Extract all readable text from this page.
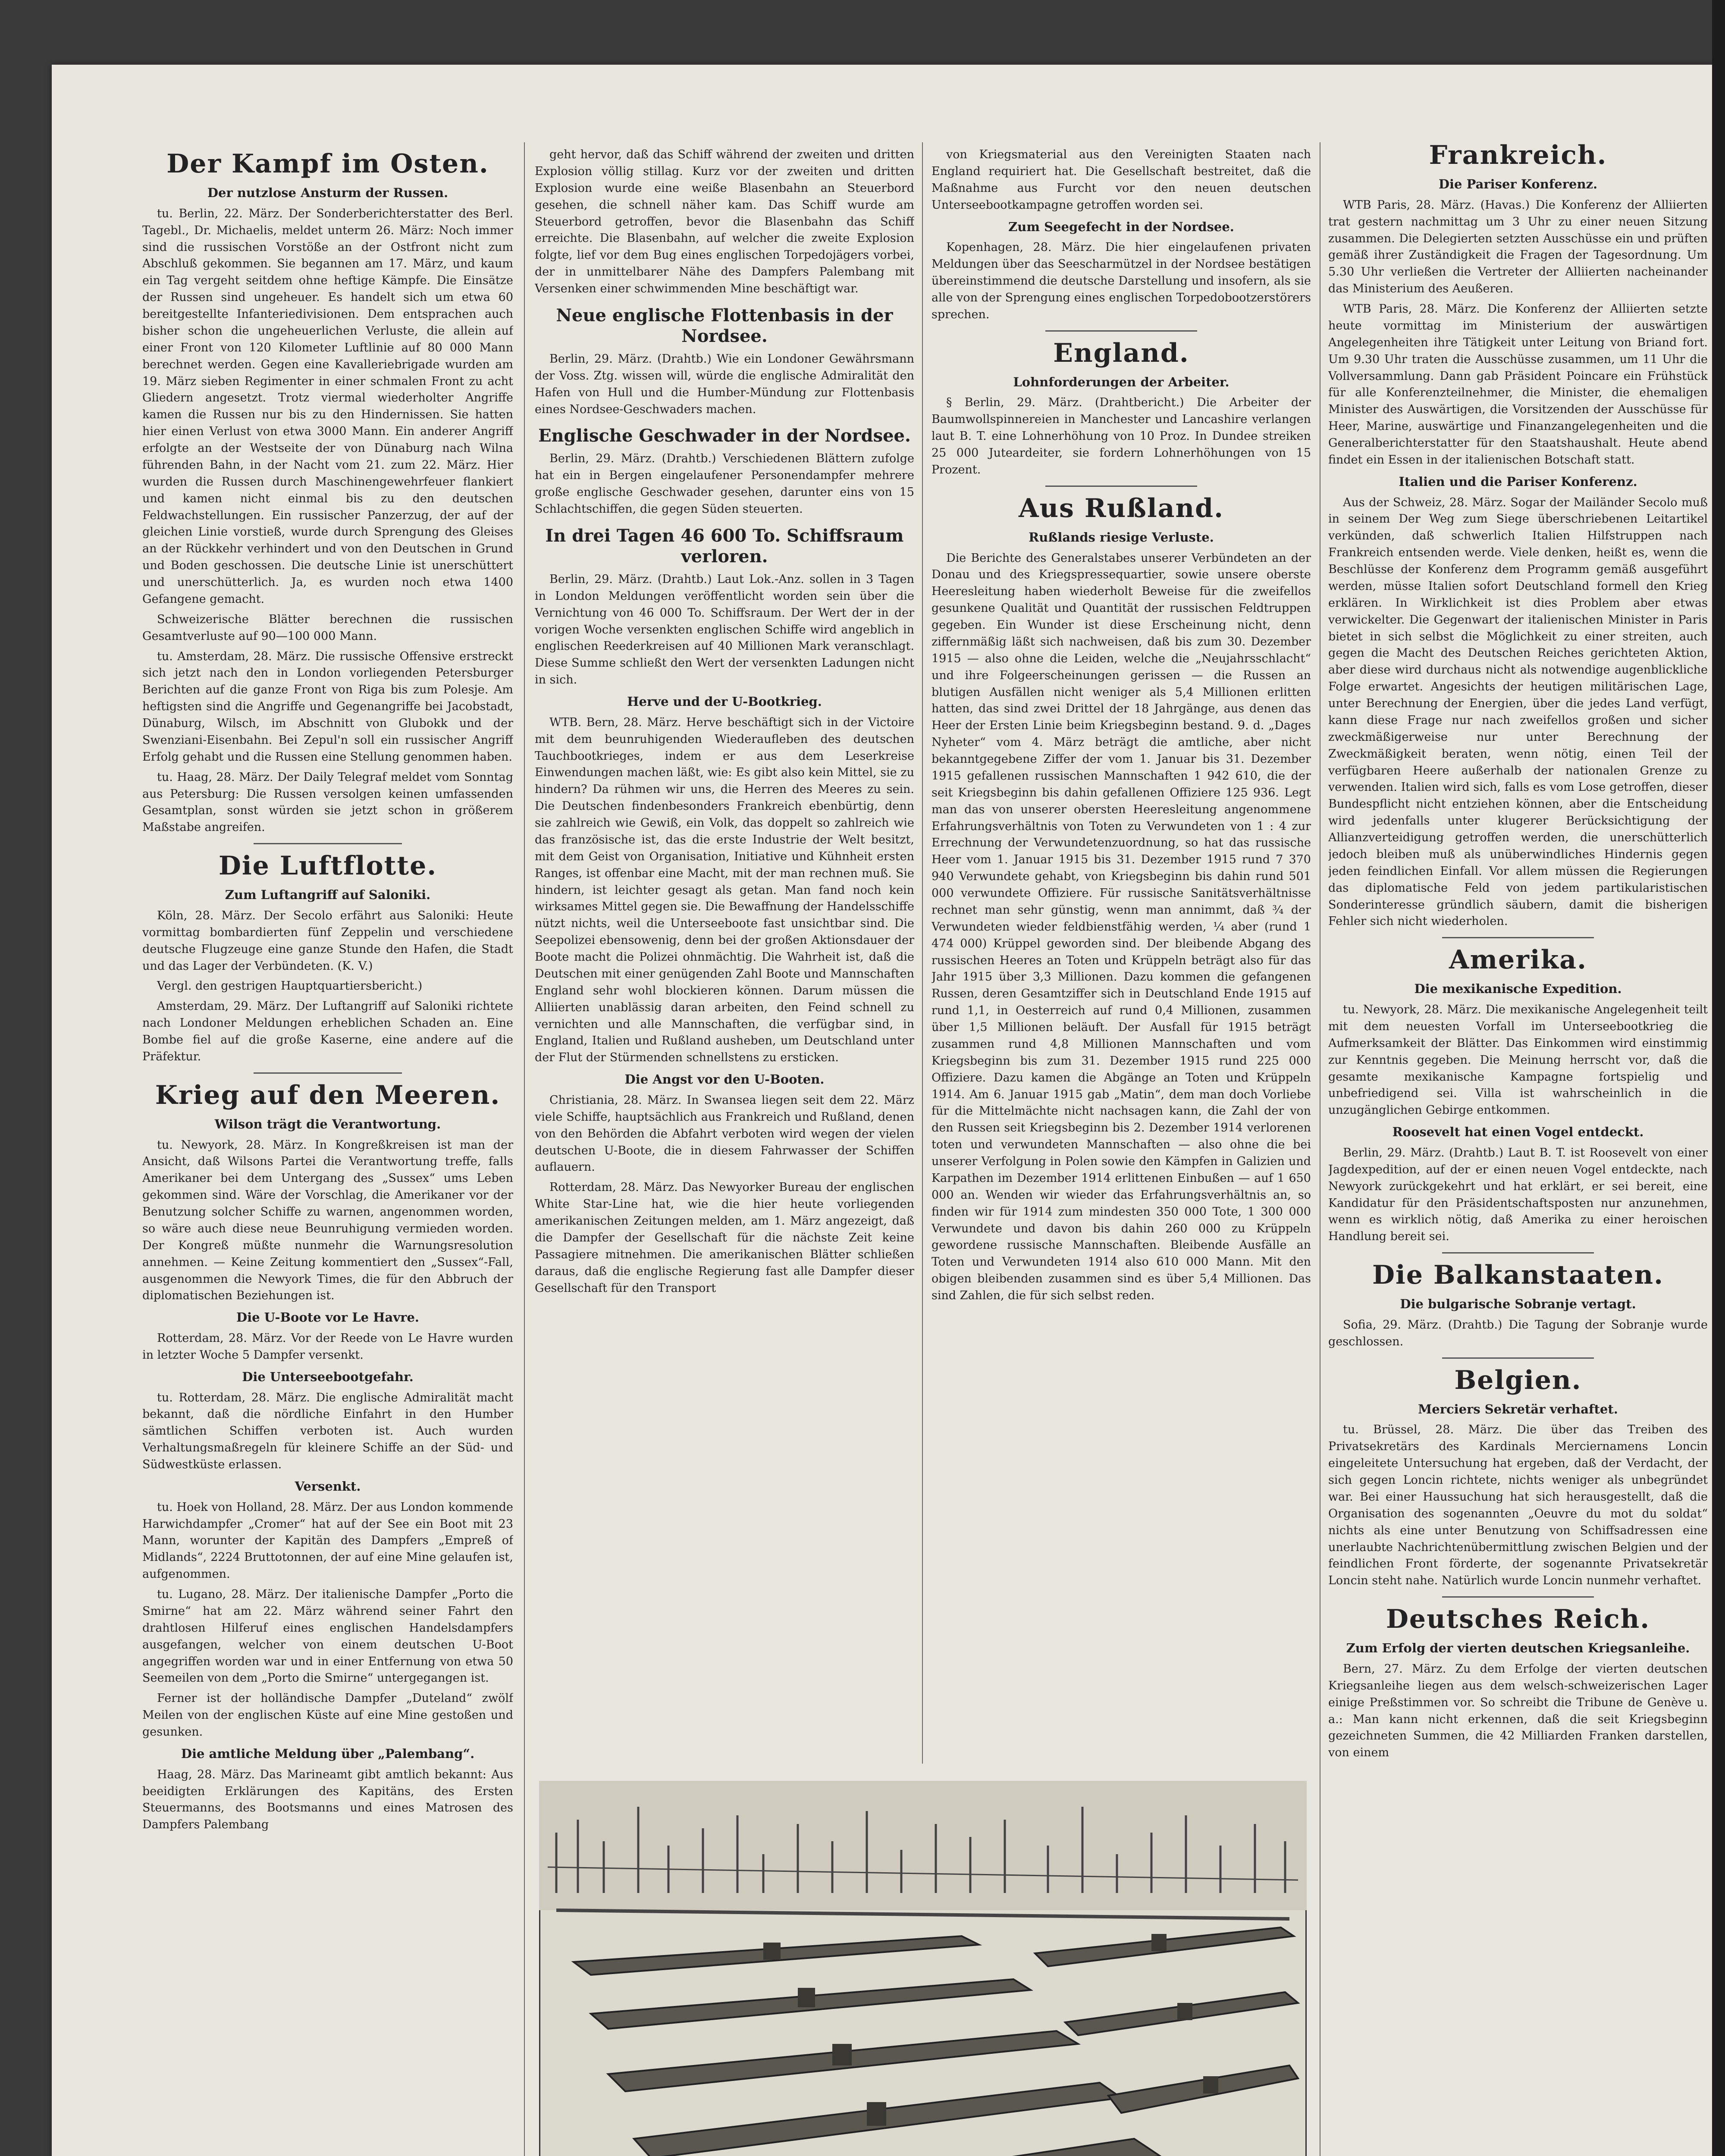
Der Kampf im Osten.
Der nutzlose Ansturm der Russen.

tu. Berlin, 22. März. Der Sonderberichterstatter des Berl. Tagebl., Dr. Michaelis, meldet unterm 26. März: Noch immer sind die russischen Vorstöße an der Ostfront nicht zum Abschluß gekommen. Sie begannen am 17. März, und kaum ein Tag vergeht seitdem ohne heftige Kämpfe. Die Einsätze der Russen sind ungeheuer. Es handelt sich um etwa 60 bereitgestellte Infanteriedivisionen. Dem entsprachen auch bisher schon die ungeheuerlichen Verluste, die allein auf einer Front von 120 Kilometer Luftlinie auf 80 000 Mann berechnet werden. Gegen eine Kavalleriebrigade wurden am 19. März sieben Regimenter in einer schmalen Front zu acht Gliedern angesetzt. Trotz viermal wiederholter Angriffe kamen die Russen nur bis zu den Hindernissen. Sie hatten hier einen Verlust von etwa 3000 Mann. Ein anderer Angriff erfolgte an der Westseite der von Dünaburg nach Wilna führenden Bahn, in der Nacht vom 21. zum 22. März. Hier wurden die Russen durch Maschinengewehrfeuer flankiert und kamen nicht einmal bis zu den deutschen Feldwachstellungen. Ein russischer Panzerzug, der auf der gleichen Linie vorstieß, wurde durch Sprengung des Gleises an der Rückkehr verhindert und von den Deutschen in Grund und Boden geschossen. Die deutsche Linie ist unerschüttert und unerschütterlich. Ja, es wurden noch etwa 1400 Gefangene gemacht.

Schweizerische Blätter berechnen die russischen Gesamtverluste auf 90—100 000 Mann.

tu. Amsterdam, 28. März. Die russische Offensive erstreckt sich jetzt nach den in London vorliegenden Petersburger Berichten auf die ganze Front von Riga bis zum Polesje. Am heftigsten sind die Angriffe und Gegenangriffe bei Jacobstadt, Dünaburg, Wilsch, im Abschnitt von Glubokk und der Swenziani-Eisenbahn. Bei Zepul'n soll ein russischer Angriff Erfolg gehabt und die Russen eine Stellung genommen haben.

tu. Haag, 28. März. Der Daily Telegraf meldet vom Sonntag aus Petersburg: Die Russen versolgen keinen umfassenden Gesamtplan, sonst würden sie jetzt schon in größerem Maßstabe angreifen.

Die Luftflotte.
Zum Luftangriff auf Saloniki.

Köln, 28. März. Der Secolo erfährt aus Saloniki: Heute vormittag bombardierten fünf Zeppelin und verschiedene deutsche Flugzeuge eine ganze Stunde den Hafen, die Stadt und das Lager der Verbündeten. (K. V.)

Vergl. den gestrigen Hauptquartiersbericht.)

Amsterdam, 29. März. Der Luftangriff auf Saloniki richtete nach Londoner Meldungen erheblichen Schaden an. Eine Bombe fiel auf die große Kaserne, eine andere auf die Präfektur.

Krieg auf den Meeren.
Wilson trägt die Verantwortung.

tu. Newyork, 28. März. In Kongreßkreisen ist man der Ansicht, daß Wilsons Partei die Verantwortung treffe, falls Amerikaner bei dem Untergang des „Sussex“ ums Leben gekommen sind. Wäre der Vorschlag, die Amerikaner vor der Benutzung solcher Schiffe zu warnen, angenommen worden, so wäre auch diese neue Beunruhigung vermieden worden. Der Kongreß müßte nunmehr die Warnungsresolution annehmen. — Keine Zeitung kommentiert den „Sussex“-Fall, ausgenommen die Newyork Times, die für den Abbruch der diplomatischen Beziehungen ist.

Die U-Boote vor Le Havre.

Rotterdam, 28. März. Vor der Reede von Le Havre wurden in letzter Woche 5 Dampfer versenkt.

Die Unterseebootgefahr.

tu. Rotterdam, 28. März. Die englische Admiralität macht bekannt, daß die nördliche Einfahrt in den Humber sämtlichen Schiffen verboten ist. Auch wurden Verhaltungsmaßregeln für kleinere Schiffe an der Süd- und Südwestküste erlassen.

Versenkt.

tu. Hoek von Holland, 28. März. Der aus London kommende Harwichdampfer „Cromer“ hat auf der See ein Boot mit 23 Mann, worunter der Kapitän des Dampfers „Empreß of Midlands“, 2224 Bruttotonnen, der auf eine Mine gelaufen ist, aufgenommen.

tu. Lugano, 28. März. Der italienische Dampfer „Porto die Smirne“ hat am 22. März während seiner Fahrt den drahtlosen Hilferuf eines englischen Handelsdampfers ausgefangen, welcher von einem deutschen U-Boot angegriffen worden war und in einer Entfernung von etwa 50 Seemeilen von dem „Porto die Smirne“ untergegangen ist.

Ferner ist der holländische Dampfer „Duteland“ zwölf Meilen von der englischen Küste auf eine Mine gestoßen und gesunken.

Die amtliche Meldung über „Palembang“.

Haag, 28. März. Das Marineamt gibt amtlich bekannt: Aus beeidigten Erklärungen des Kapitäns, des Ersten Steuermanns, des Bootsmanns und eines Matrosen des Dampfers Palembang

geht hervor, daß das Schiff während der zweiten und dritten Explosion völlig stillag. Kurz vor der zweiten und dritten Explosion wurde eine weiße Blasenbahn an Steuerbord gesehen, die schnell näher kam. Das Schiff wurde am Steuerbord getroffen, bevor die Blasenbahn das Schiff erreichte. Die Blasenbahn, auf welcher die zweite Explosion folgte, lief vor dem Bug eines englischen Torpedojägers vorbei, der in unmittelbarer Nähe des Dampfers Palembang mit Versenken einer schwimmenden Mine beschäftigt war.

Neue englische Flottenbasis in der Nordsee.

Berlin, 29. März. (Drahtb.) Wie ein Londoner Gewährsmann der Voss. Ztg. wissen will, würde die englische Admiralität den Hafen von Hull und die Humber-Mündung zur Flottenbasis eines Nordsee-Geschwaders machen.

Englische Geschwader in der Nordsee.

Berlin, 29. März. (Drahtb.) Verschiedenen Blättern zufolge hat ein in Bergen eingelaufener Personendampfer mehrere große englische Geschwader gesehen, darunter eins von 15 Schlachtschiffen, die gegen Süden steuerten.

In drei Tagen 46 600 To. Schiffsraum verloren.

Berlin, 29. März. (Drahtb.) Laut Lok.-Anz. sollen in 3 Tagen in London Meldungen veröffentlicht worden sein über die Vernichtung von 46 000 To. Schiffsraum. Der Wert der in der vorigen Woche versenkten englischen Schiffe wird angeblich in englischen Reederkreisen auf 40 Millionen Mark veranschlagt. Diese Summe schließt den Wert der versenkten Ladungen nicht in sich.

Herve und der U-Bootkrieg.

WTB. Bern, 28. März. Herve beschäftigt sich in der Victoire mit dem beunruhigenden Wiederaufleben des deutschen Tauchbootkrieges, indem er aus dem Leserkreise Einwendungen machen läßt, wie: Es gibt also kein Mittel, sie zu hindern? Da rühmen wir uns, die Herren des Meeres zu sein. Die Deutschen findenbesonders Frankreich ebenbürtig, denn sie zahlreich wie Gewiß, ein Volk, das doppelt so zahlreich wie das französische ist, das die erste Industrie der Welt besitzt, mit dem Geist von Organisation, Initiative und Kühnheit ersten Ranges, ist offenbar eine Macht, mit der man rechnen muß. Sie hindern, ist leichter gesagt als getan. Man fand noch kein wirksames Mittel gegen sie. Die Bewaffnung der Handelsschiffe nützt nichts, weil die Unterseeboote fast unsichtbar sind. Die Seepolizei ebensowenig, denn bei der großen Aktionsdauer der Boote macht die Polizei ohnmächtig. Die Wahrheit ist, daß die Deutschen mit einer genügenden Zahl Boote und Mannschaften England sehr wohl blockieren können. Darum müssen die Alliierten unablässig daran arbeiten, den Feind schnell zu vernichten und alle Mannschaften, die verfügbar sind, in England, Italien und Rußland ausheben, um Deutschland unter der Flut der Stürmenden schnellstens zu ersticken.

Die Angst vor den U-Booten.

Christiania, 28. März. In Swansea liegen seit dem 22. März viele Schiffe, hauptsächlich aus Frankreich und Rußland, denen von den Behörden die Abfahrt verboten wird wegen der vielen deutschen U-Boote, die in diesem Fahrwasser der Schiffen auflauern.

Rotterdam, 28. März. Das Newyorker Bureau der englischen White Star-Line hat, wie die hier heute vorliegenden amerikanischen Zeitungen melden, am 1. März angezeigt, daß die Dampfer der Gesellschaft für die nächste Zeit keine Passagiere mitnehmen. Die amerikanischen Blätter schließen daraus, daß die englische Regierung fast alle Dampfer dieser Gesellschaft für den Transport

von Kriegsmaterial aus den Vereinigten Staaten nach England requiriert hat. Die Gesellschaft bestreitet, daß die Maßnahme aus Furcht vor den neuen deutschen Unterseebootkampagne getroffen worden sei.

Zum Seegefecht in der Nordsee.

Kopenhagen, 28. März. Die hier eingelaufenen privaten Meldungen über das Seescharmützel in der Nordsee bestätigen übereinstimmend die deutsche Darstellung und insofern, als sie alle von der Sprengung eines englischen Torpedobootzerstörers sprechen.

England.
Lohnforderungen der Arbeiter.

§ Berlin, 29. März. (Drahtbericht.) Die Arbeiter der Baumwollspinnereien in Manchester und Lancashire verlangen laut B. T. eine Lohnerhöhung von 10 Proz. In Dundee streiken 25 000 Juteardeiter, sie fordern Lohnerhöhungen von 15 Prozent.

Aus Rußland.
Rußlands riesige Verluste.

Die Berichte des Generalstabes unserer Verbündeten an der Donau und des Kriegspressequartier, sowie unsere oberste Heeresleitung haben wiederholt Beweise für die zweifellos gesunkene Qualität und Quantität der russischen Feldtruppen gegeben. Ein Wunder ist diese Erscheinung nicht, denn ziffernmäßig läßt sich nachweisen, daß bis zum 30. Dezember 1915 — also ohne die Leiden, welche die „Neujahrsschlacht“ und ihre Folgeerscheinungen gerissen — die Russen an blutigen Ausfällen nicht weniger als 5,4 Millionen erlitten hatten, das sind zwei Drittel der 18 Jahrgänge, aus denen das Heer der Ersten Linie beim Kriegsbeginn bestand. 9. d. „Dages Nyheter“ vom 4. März beträgt die amtliche, aber nicht bekanntgegebene Ziffer der vom 1. Januar bis 31. Dezember 1915 gefallenen russischen Mannschaften 1 942 610, die der seit Kriegsbeginn bis dahin gefallenen Offiziere 125 936. Legt man das von unserer obersten Heeresleitung angenommene Erfahrungsverhältnis von Toten zu Verwundeten von 1 : 4 zur Errechnung der Verwundetenzuordnung, so hat das russische Heer vom 1. Januar 1915 bis 31. Dezember 1915 rund 7 370 940 Verwundete gehabt, von Kriegsbeginn bis dahin rund 501 000 verwundete Offiziere. Für russische Sanitätsverhältnisse rechnet man sehr günstig, wenn man annimmt, daß ¾ der Verwundeten wieder feldbienstfähig werden, ¼ aber (rund 1 474 000) Krüppel geworden sind. Der bleibende Abgang des russischen Heeres an Toten und Krüppeln beträgt also für das Jahr 1915 über 3,3 Millionen. Dazu kommen die gefangenen Russen, deren Gesamtziffer sich in Deutschland Ende 1915 auf rund 1,1, in Oesterreich auf rund 0,4 Millionen, zusammen über 1,5 Millionen beläuft. Der Ausfall für 1915 beträgt zusammen rund 4,8 Millionen Mannschaften und vom Kriegsbeginn bis zum 31. Dezember 1915 rund 225 000 Offiziere. Dazu kamen die Abgänge an Toten und Krüppeln 1914. Am 6. Januar 1915 gab „Matin“, dem man doch Vorliebe für die Mittelmächte nicht nachsagen kann, die Zahl der von den Russen seit Kriegsbeginn bis 2. Dezember 1914 verlorenen toten und verwundeten Mannschaften — also ohne die bei unserer Verfolgung in Polen sowie den Kämpfen in Galizien und Karpathen im Dezember 1914 erlittenen Einbußen — auf 1 650 000 an. Wenden wir wieder das Erfahrungsverhältnis an, so finden wir für 1914 zum mindesten 350 000 Tote, 1 300 000 Verwundete und davon bis dahin 260 000 zu Krüppeln gewordene russische Mannschaften. Bleibende Ausfälle an Toten und Verwundeten 1914 also 610 000 Mann. Mit den obigen bleibenden zusammen sind es über 5,4 Millionen. Das sind Zahlen, die für sich selbst reden.

Frankreich.
Die Pariser Konferenz.

WTB Paris, 28. März. (Havas.) Die Konferenz der Alliierten trat gestern nachmittag um 3 Uhr zu einer neuen Sitzung zusammen. Die Delegierten setzten Ausschüsse ein und prüften gemäß ihrer Zuständigkeit die Fragen der Tagesordnung. Um 5.30 Uhr verließen die Vertreter der Alliierten nacheinander das Ministerium des Aeußeren.

WTB Paris, 28. März. Die Konferenz der Alliierten setzte heute vormittag im Ministerium der auswärtigen Angelegenheiten ihre Tätigkeit unter Leitung von Briand fort. Um 9.30 Uhr traten die Ausschüsse zusammen, um 11 Uhr die Vollversammlung. Dann gab Präsident Poincare ein Frühstück für alle Konferenzteilnehmer, die Minister, die ehemaligen Minister des Auswärtigen, die Vorsitzenden der Ausschüsse für Heer, Marine, auswärtige und Finanzangelegenheiten und die Generalberichterstatter für den Staatshaushalt. Heute abend findet ein Essen in der italienischen Botschaft statt.

Italien und die Pariser Konferenz.

Aus der Schweiz, 28. März. Sogar der Mailänder Secolo muß in seinem Der Weg zum Siege überschriebenen Leitartikel verkünden, daß schwerlich Italien Hilfstruppen nach Frankreich entsenden werde. Viele denken, heißt es, wenn die Beschlüsse der Konferenz dem Programm gemäß ausgeführt werden, müsse Italien sofort Deutschland formell den Krieg erklären. In Wirklichkeit ist dies Problem aber etwas verwickelter. Die Gegenwart der italienischen Minister in Paris bietet in sich selbst die Möglichkeit zu einer streiten, auch gegen die Macht des Deutschen Reiches gerichteten Aktion, aber diese wird durchaus nicht als notwendige augenblickliche Folge erwartet. Angesichts der heutigen militärischen Lage, unter Berechnung der Energien, über die jedes Land verfügt, kann diese Frage nur nach zweifellos großen und sicher zweckmäßigerweise nur unter Berechnung der Zweckmäßigkeit beraten, wenn nötig, einen Teil der verfügbaren Heere außerhalb der nationalen Grenze zu verwenden. Italien wird sich, falls es vom Lose getroffen, dieser Bundespflicht nicht entziehen können, aber die Entscheidung wird jedenfalls unter klugerer Berücksichtigung der Allianzverteidigung getroffen werden, die unerschütterlich jedoch bleiben muß als unüberwindliches Hindernis gegen jeden feindlichen Einfall. Vor allem müssen die Regierungen das diplomatische Feld von jedem partikularistischen Sonderinteresse gründlich säubern, damit die bisherigen Fehler sich nicht wiederholen.

Amerika.
Die mexikanische Expedition.

tu. Newyork, 28. März. Die mexikanische Angelegenheit teilt mit dem neuesten Vorfall im Unterseebootkrieg die Aufmerksamkeit der Blätter. Das Einkommen wird einstimmig zur Kenntnis gegeben. Die Meinung herrscht vor, daß die gesamte mexikanische Kampagne fortspielig und unbefriedigend sei. Villa ist wahrscheinlich in die unzugänglichen Gebirge entkommen.

Roosevelt hat einen Vogel entdeckt.

Berlin, 29. März. (Drahtb.) Laut B. T. ist Roosevelt von einer Jagdexpedition, auf der er einen neuen Vogel entdeckte, nach Newyork zurückgekehrt und hat erklärt, er sei bereit, eine Kandidatur für den Präsidentschaftsposten nur anzunehmen, wenn es wirklich nötig, daß Amerika zu einer heroischen Handlung bereit sei.

Die Balkanstaaten.
Die bulgarische Sobranje vertagt.

Sofia, 29. März. (Drahtb.) Die Tagung der Sobranje wurde geschlossen.

Belgien.
Merciers Sekretär verhaftet.

tu. Brüssel, 28. März. Die über das Treiben des Privatsekretärs des Kardinals Merciernamens Loncin eingeleitete Untersuchung hat ergeben, daß der Verdacht, der sich gegen Loncin richtete, nichts weniger als unbegründet war. Bei einer Haussuchung hat sich herausgestellt, daß die Organisation des sogenannten „Oeuvre du mot du soldat“ nichts als eine unter Benutzung von Schiffsadressen eine unerlaubte Nachrichtenübermittlung zwischen Belgien und der feindlichen Front förderte, der sogenannte Privatsekretär Loncin steht nahe. Natürlich wurde Loncin nunmehr verhaftet.

Deutsches Reich.
Zum Erfolg der vierten deutschen Kriegsanleihe.

Bern, 27. März. Zu dem Erfolge der vierten deutschen Kriegsanleihe liegen aus dem welsch-schweizerischen Lager einige Preßstimmen vor. So schreibt die Tribune de Genève u. a.: Man kann nicht erkennen, daß die seit Kriegsbeginn gezeichneten Summen, die 42 Milliarden Franken darstellen, von einem
